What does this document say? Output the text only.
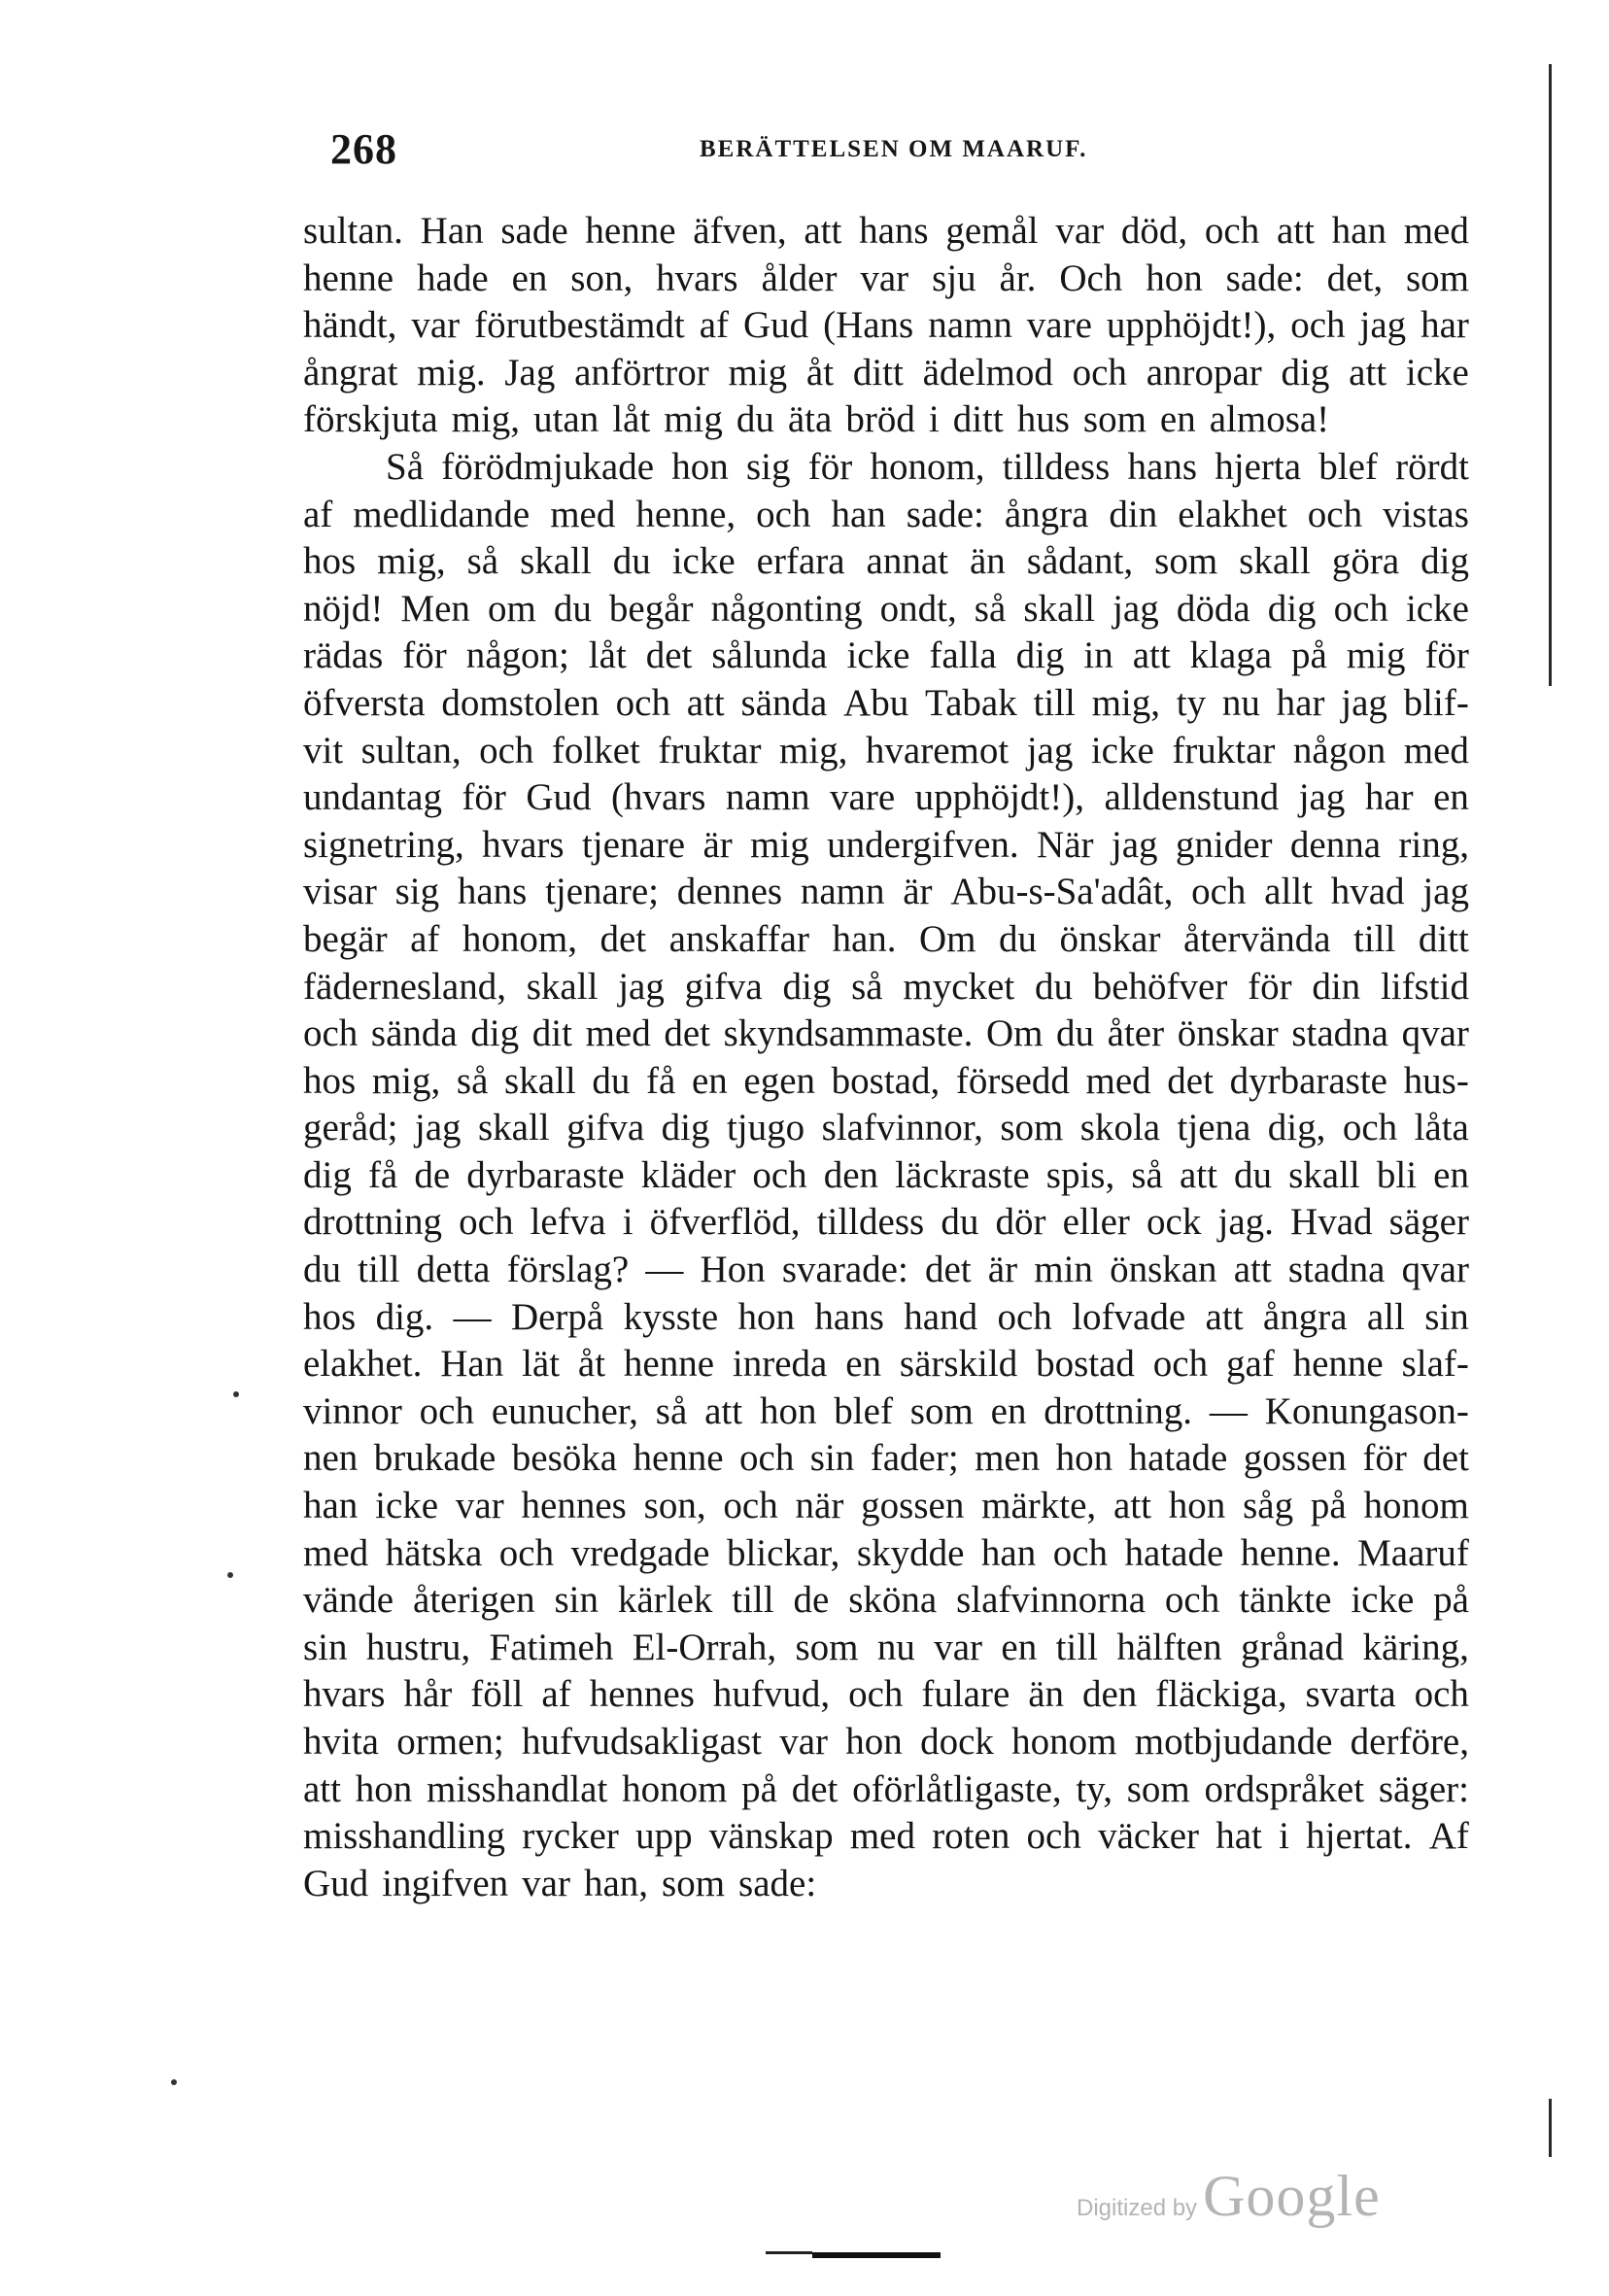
268	BERÄTTELSEN OM MAARUF.
sultan. Han sade henne äfven, att hans gemål var död, och att han med
henne hade en son, hvars ålder var sju år. Och hon sade: det, som
händt, var förutbestämdt af Gud (Hans namn vare upphöjdt!), och jag har
ångrat mig. Jag anförtror mig åt ditt ädelmod och anropar dig att icke
förskjuta mig, utan låt mig du äta bröd i ditt hus som en almosa!
Så förödmjukade hon sig för honom, tilldess hans hjerta blef rördt
af medlidande med henne, och han sade: ångra din elakhet och vistas
hos mig, så skall du icke erfara annat än sådant, som skall göra dig
nöjd! Men om du begår någonting ondt, så skall jag döda dig och icke
rädas för någon; låt det sålunda icke falla dig in att klaga på mig för
öfversta domstolen och att sända Abu Tabak till mig, ty nu har jag blif-
vit sultan, och folket fruktar mig, hvaremot jag icke fruktar någon med
undantag för Gud (hvars namn vare upphöjdt!), alldenstund jag har en
signetring, hvars tjenare är mig undergifven. När jag gnider denna ring,
visar sig hans tjenare; dennes namn är Abu-s-Sa'adât, och allt hvad jag
begär af honom, det anskaffar han. Om du önskar återvända till ditt
fädernesland, skall jag gifva dig så mycket du behöfver för din lifstid
och sända dig dit med det skyndsammaste. Om du åter önskar stadna qvar
hos mig, så skall du få en egen bostad, försedd med det dyrbaraste hus-
geråd; jag skall gifva dig tjugo slafvinnor, som skola tjena dig, och låta
dig få de dyrbaraste kläder och den läckraste spis, så att du skall bli en
drottning och lefva i öfverflöd, tilldess du dör eller ock jag. Hvad säger
du till detta förslag? — Hon svarade: det är min önskan att stadna qvar
hos dig. — Derpå kysste hon hans hand och lofvade att ångra all sin
elakhet. Han lät åt henne inreda en särskild bostad och gaf henne slaf-
vinnor och eunucher, så att hon blef som en drottning. — Konungason-
nen brukade besöka henne och sin fader; men hon hatade gossen för det
han icke var hennes son, och när gossen märkte, att hon såg på honom
med hätska och vredgade blickar, skydde han och hatade henne. Maaruf
vände återigen sin kärlek till de sköna slafvinnorna och tänkte icke på
sin hustru, Fatimeh El-Orrah, som nu var en till hälften grånad käring,
hvars hår föll af hennes hufvud, och fulare än den fläckiga, svarta och
hvita ormen; hufvudsakligast var hon dock honom motbjudande derföre,
att hon misshandlat honom på det oförlåtligaste, ty, som ordspråket säger:
misshandling rycker upp vänskap med roten och väcker hat i hjertat. Af
Gud ingifven var han, som sade:
Digitized by Google
